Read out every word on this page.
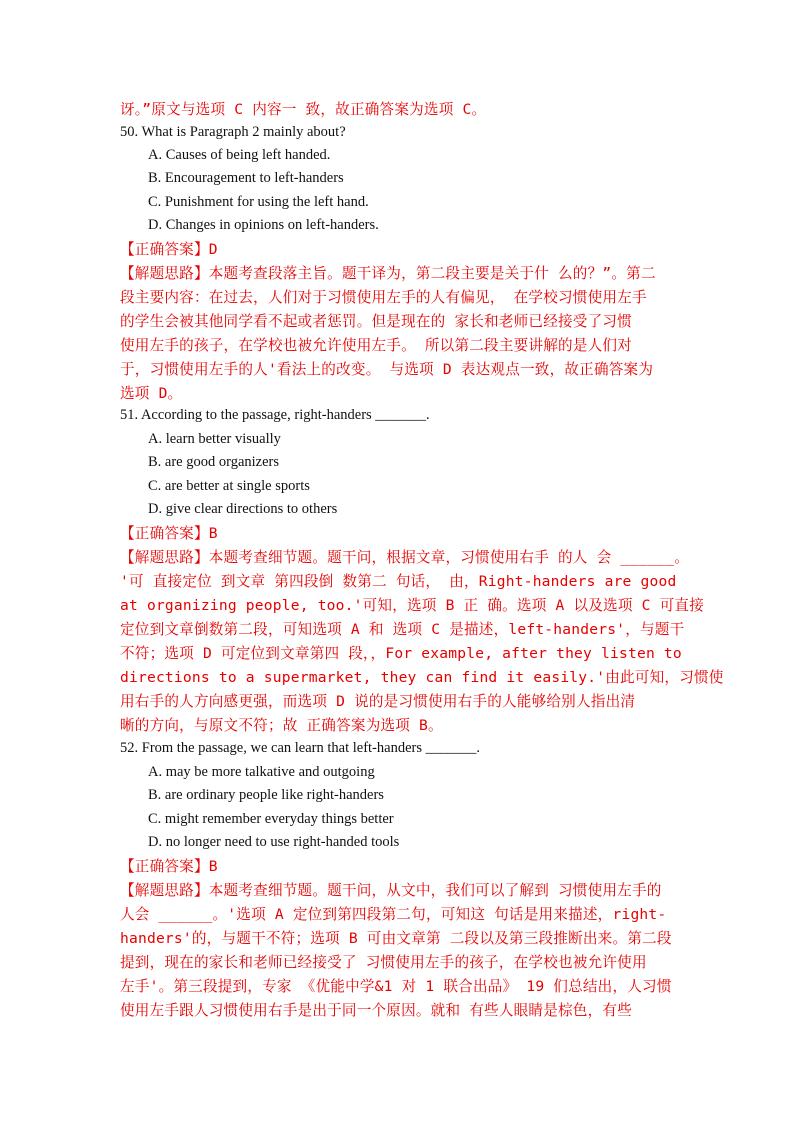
讶。”原文与选项 C 内容一 致，故正确答案为选项 C。
50. What is Paragraph 2 mainly about?
A. Causes of being left handed.
B. Encouragement to left-handers
C. Punishment for using the left hand.
D. Changes in opinions on left-handers.
【正确答案】D
【解题思路】本题考查段落主旨。题干译为，第二段主要是关于什 么的？”。第二
段主要内容：在过去，人们对于习惯使用左手的人有偏见， 在学校习惯使用左手
的学生会被其他同学看不起或者惩罚。但是现在的 家长和老师已经接受了习惯
使用左手的孩子，在学校也被允许使用左手。 所以第二段主要讲解的是人们对
于，习惯使用左手的人'看法上的改变。 与选项 D 表达观点一致，故正确答案为
选项 D。
51. According to the passage, right-handers _______.
A. learn better visually
B. are good organizers
C. are better at single sports
D. give clear directions to others
【正确答案】B
【解题思路】本题考查细节题。题干问，根据文章，习惯使用右手 的人 会 ______。
'可 直接定位 到文章 第四段倒 数第二 句话， 由，Right-handers are good
at organizing people, too.'可知，选项 B 正 确。选项 A 以及选项 C 可直接
定位到文章倒数第二段，可知选项 A 和 选项 C 是描述，left-handers'，与题干
不符；选项 D 可定位到文章第四 段，，For example, after they listen to
directions to a supermarket, they can find it easily.'由此可知，习惯使
用右手的人方向感更强，而选项 D 说的是习惯使用右手的人能够给别人指出清
晰的方向，与原文不符；故 正确答案为选项 B。
52. From the passage, we can learn that left-handers _______.
A. may be more talkative and outgoing
B. are ordinary people like right-handers
C. might remember everyday things better
D. no longer need to use right-handed tools
【正确答案】B
【解题思路】本题考查细节题。题干问，从文中，我们可以了解到 习惯使用左手的
人会 ______。'选项 A 定位到第四段第二句，可知这 句话是用来描述，right-
handers'的，与题干不符；选项 B 可由文章第 二段以及第三段推断出来。第二段
提到，现在的家长和老师已经接受了 习惯使用左手的孩子，在学校也被允许使用
左手'。第三段提到，专家 《优能中学&1 对 1 联合出品》 19 们总结出，人习惯
使用左手跟人习惯使用右手是出于同一个原因。就和 有些人眼睛是棕色，有些
